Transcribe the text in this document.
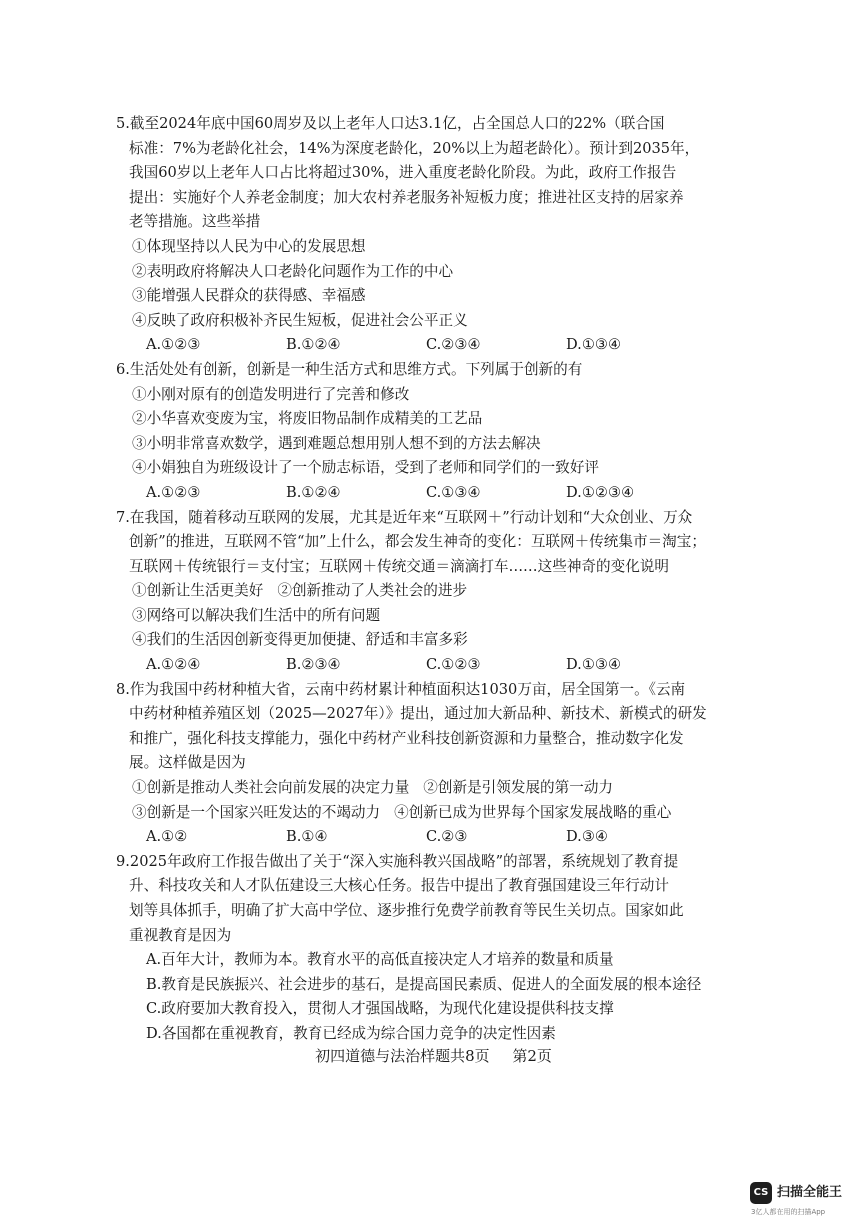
5.截至2024年底中国60周岁及以上老年人口达3.1亿，占全国总人口的22%（联合国
标准：7%为老龄化社会，14%为深度老龄化，20%以上为超老龄化）。预计到2035年，
我国60岁以上老年人口占比将超过30%，进入重度老龄化阶段。为此，政府工作报告
提出：实施好个人养老金制度；加大农村养老服务补短板力度；推进社区支持的居家养
老等措施。这些举措
①体现坚持以人民为中心的发展思想
②表明政府将解决人口老龄化问题作为工作的中心
③能增强人民群众的获得感、幸福感
④反映了政府积极补齐民生短板，促进社会公平正义
A.①②③	B.①②④	C.②③④	D.①③④
6.生活处处有创新，创新是一种生活方式和思维方式。下列属于创新的有
①小刚对原有的创造发明进行了完善和修改
②小华喜欢变废为宝，将废旧物品制作成精美的工艺品
③小明非常喜欢数学，遇到难题总想用别人想不到的方法去解决
④小娟独自为班级设计了一个励志标语，受到了老师和同学们的一致好评
A.①②③	B.①②④	C.①③④	D.①②③④
7.在我国，随着移动互联网的发展，尤其是近年来“互联网＋”行动计划和“大众创业、万众
创新”的推进，互联网不管“加”上什么，都会发生神奇的变化：互联网＋传统集市＝淘宝；
互联网＋传统银行＝支付宝；互联网＋传统交通＝滴滴打车……这些神奇的变化说明
①创新让生活更美好 ②创新推动了人类社会的进步
③网络可以解决我们生活中的所有问题
④我们的生活因创新变得更加便捷、舒适和丰富多彩
A.①②④	B.②③④	C.①②③	D.①③④
8.作为我国中药材种植大省，云南中药材累计种植面积达1030万亩，居全国第一。《云南
中药材种植养殖区划（2025—2027年）》提出，通过加大新品种、新技术、新模式的研发
和推广，强化科技支撑能力，强化中药材产业科技创新资源和力量整合，推动数字化发
展。这样做是因为
①创新是推动人类社会向前发展的决定力量 ②创新是引领发展的第一动力
③创新是一个国家兴旺发达的不竭动力 ④创新已成为世界每个国家发展战略的重心
A.①②	B.①④	C.②③	D.③④
9.2025年政府工作报告做出了关于“深入实施科教兴国战略”的部署，系统规划了教育提
升、科技攻关和人才队伍建设三大核心任务。报告中提出了教育强国建设三年行动计
划等具体抓手，明确了扩大高中学位、逐步推行免费学前教育等民生关切点。国家如此
重视教育是因为
A.百年大计，教师为本。教育水平的高低直接决定人才培养的数量和质量
B.教育是民族振兴、社会进步的基石，是提高国民素质、促进人的全面发展的根本途径
C.政府要加大教育投入，贯彻人才强国战略，为现代化建设提供科技支撑
D.各国都在重视教育，教育已经成为综合国力竞争的决定性因素
初四道德与法治样题共8页 第2页
CS 扫描全能王
3亿人都在用的扫描App
